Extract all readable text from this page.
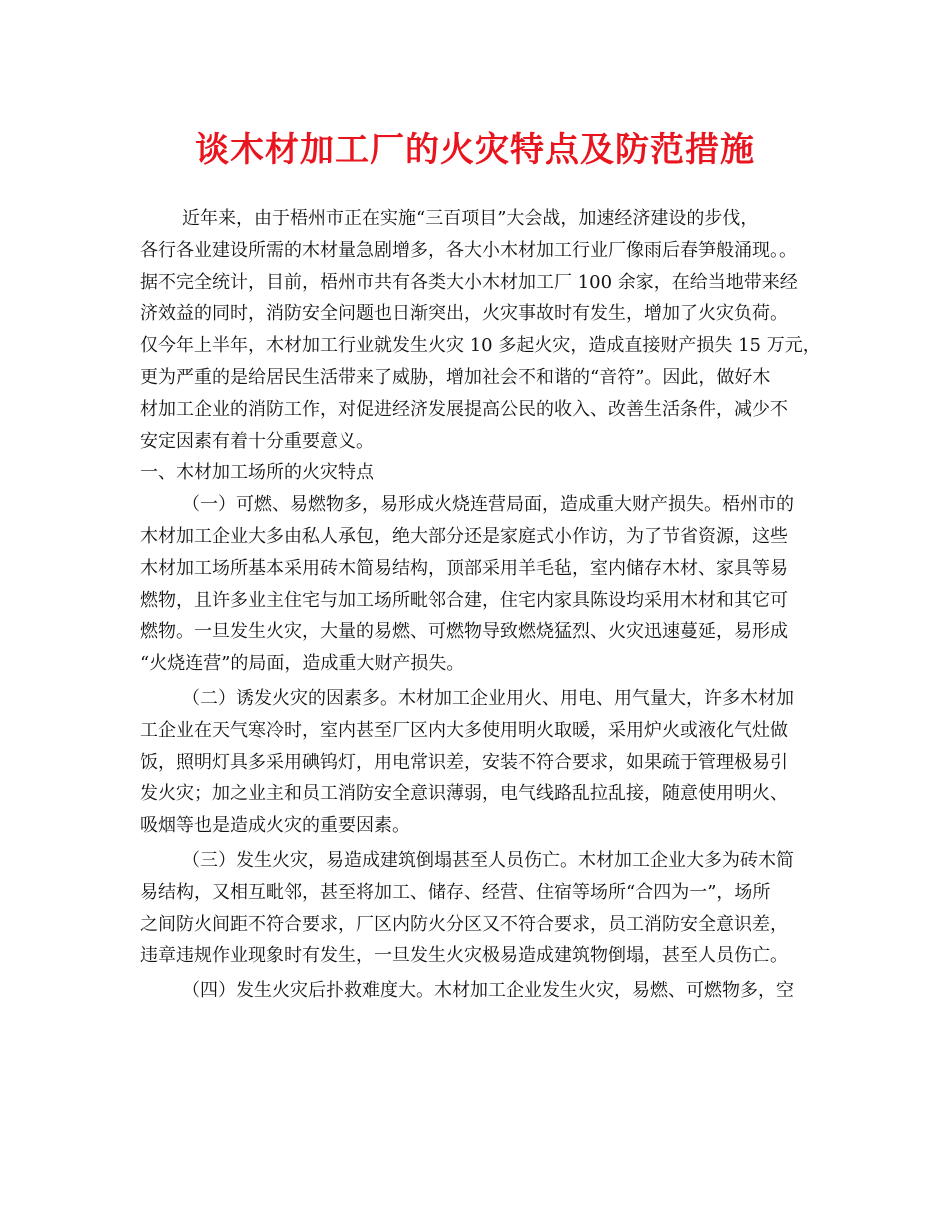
谈木材加工厂的火灾特点及防范措施
近年来，由于梧州市正在实施“三百项目”大会战，加速经济建设的步伐，
各行各业建设所需的木材量急剧增多，各大小木材加工行业厂像雨后春笋般涌现。。
据不完全统计，目前，梧州市共有各类大小木材加工厂 100 余家，在给当地带来经
济效益的同时，消防安全问题也日渐突出，火灾事故时有发生，增加了火灾负荷。
仅今年上半年，木材加工行业就发生火灾 10 多起火灾，造成直接财产损失 15 万元，
更为严重的是给居民生活带来了威胁，增加社会不和谐的“音符”。因此，做好木
材加工企业的消防工作，对促进经济发展提高公民的收入、改善生活条件，减少不
安定因素有着十分重要意义。
一、木材加工场所的火灾特点
（一）可燃、易燃物多，易形成火烧连营局面，造成重大财产损失。梧州市的
木材加工企业大多由私人承包，绝大部分还是家庭式小作访，为了节省资源，这些
木材加工场所基本采用砖木简易结构，顶部采用羊毛毡，室内储存木材、家具等易
燃物，且许多业主住宅与加工场所毗邻合建，住宅内家具陈设均采用木材和其它可
燃物。一旦发生火灾，大量的易燃、可燃物导致燃烧猛烈、火灾迅速蔓延，易形成
“火烧连营”的局面，造成重大财产损失。
（二）诱发火灾的因素多。木材加工企业用火、用电、用气量大，许多木材加
工企业在天气寒冷时，室内甚至厂区内大多使用明火取暖，采用炉火或液化气灶做
饭，照明灯具多采用碘钨灯，用电常识差，安装不符合要求，如果疏于管理极易引
发火灾；加之业主和员工消防安全意识薄弱，电气线路乱拉乱接，随意使用明火、
吸烟等也是造成火灾的重要因素。
（三）发生火灾，易造成建筑倒塌甚至人员伤亡。木材加工企业大多为砖木简
易结构，又相互毗邻，甚至将加工、储存、经营、住宿等场所“合四为一”，场所
之间防火间距不符合要求，厂区内防火分区又不符合要求，员工消防安全意识差，
违章违规作业现象时有发生，一旦发生火灾极易造成建筑物倒塌，甚至人员伤亡。
（四）发生火灾后扑救难度大。木材加工企业发生火灾，易燃、可燃物多，空
